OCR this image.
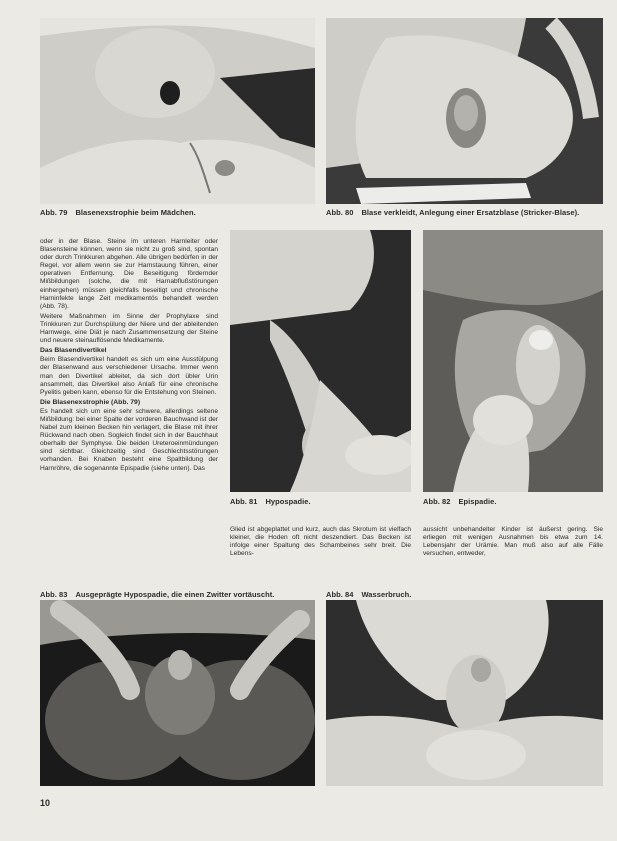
Abb. 79 Blasenexstrophie beim Mädchen.	Abb. 80 Blase verkleidt, Anlegung einer Ersatzblase (Stricker-Blase).

oder in der Blase. Steine im unteren Harnleiter oder Blasensteine können, wenn sie nicht zu groß sind, spontan oder durch Trinkkuren abgehen. Alle übrigen bedürfen in der Regel, vor allem wenn sie zur Harnstauung führen, einer operativen Entfernung. Die Beseitigung fördernder Mißbildungen (solche, die mit Harnabflußstörungen einhergehen) müssen gleichfalls beseitigt und chronische Harninfekte lange Zeit medikamentös behandelt werden (Abb. 78).

Weitere Maßnahmen im Sinne der Prophylaxe sind Trinkkuren zur Durchspülung der Niere und der ableitenden Harnwege, eine Diät je nach Zusammensetzung der Steine und neuere steinauflösende Medikamente.

Das Blasendivertikel

Beim Blasendivertikel handelt es sich um eine Ausstülpung der Blasenwand aus verschiedener Ursache. Immer wenn man den Divertikel ableitet, da sich dort übler Urin ansammelt, das Divertikel also Anlaß für eine chronische Pyelitis geben kann, ebenso für die Entstehung von Steinen.

Die Blasenexstrophie (Abb. 79)

Es handelt sich um eine sehr schwere, allerdings seltene Mißbildung: bei einer Spalte der vorderen Bauchwand ist der Nabel zum kleinen Becken hin verlagert, die Blase mit ihrer Rückwand nach oben. Sogleich findet sich in der Bauchhaut oberhalb der Symphyse. Die beiden Ureteroeinmündungen sind sichtbar. Gleichzeitig sind Geschlechtsstörungen vorhanden. Bei Knaben besteht eine Spaltbildung der Harnröhre, die sogenannte Epispadie (siehe unten). Das

Abb. 81 Hypospadie.	Abb. 82 Epispadie.

Glied ist abgeplattet und kurz, auch das Skrotum ist vielfach kleiner, die Hoden oft nicht deszendiert. Das Becken ist infolge einer Spaltung des Schambeines sehr breit. Die Lebens-

aussicht unbehandelter Kinder ist äußerst gering. Sie erliegen mit wenigen Ausnahmen bis etwa zum 14. Lebensjahr der Urämie. Man muß also auf alle Fälle versuchen, entweder,

Abb. 83 Ausgeprägte Hypospadie, die einen Zwitter vortäuscht.	Abb. 84 Wasserbruch.
10
